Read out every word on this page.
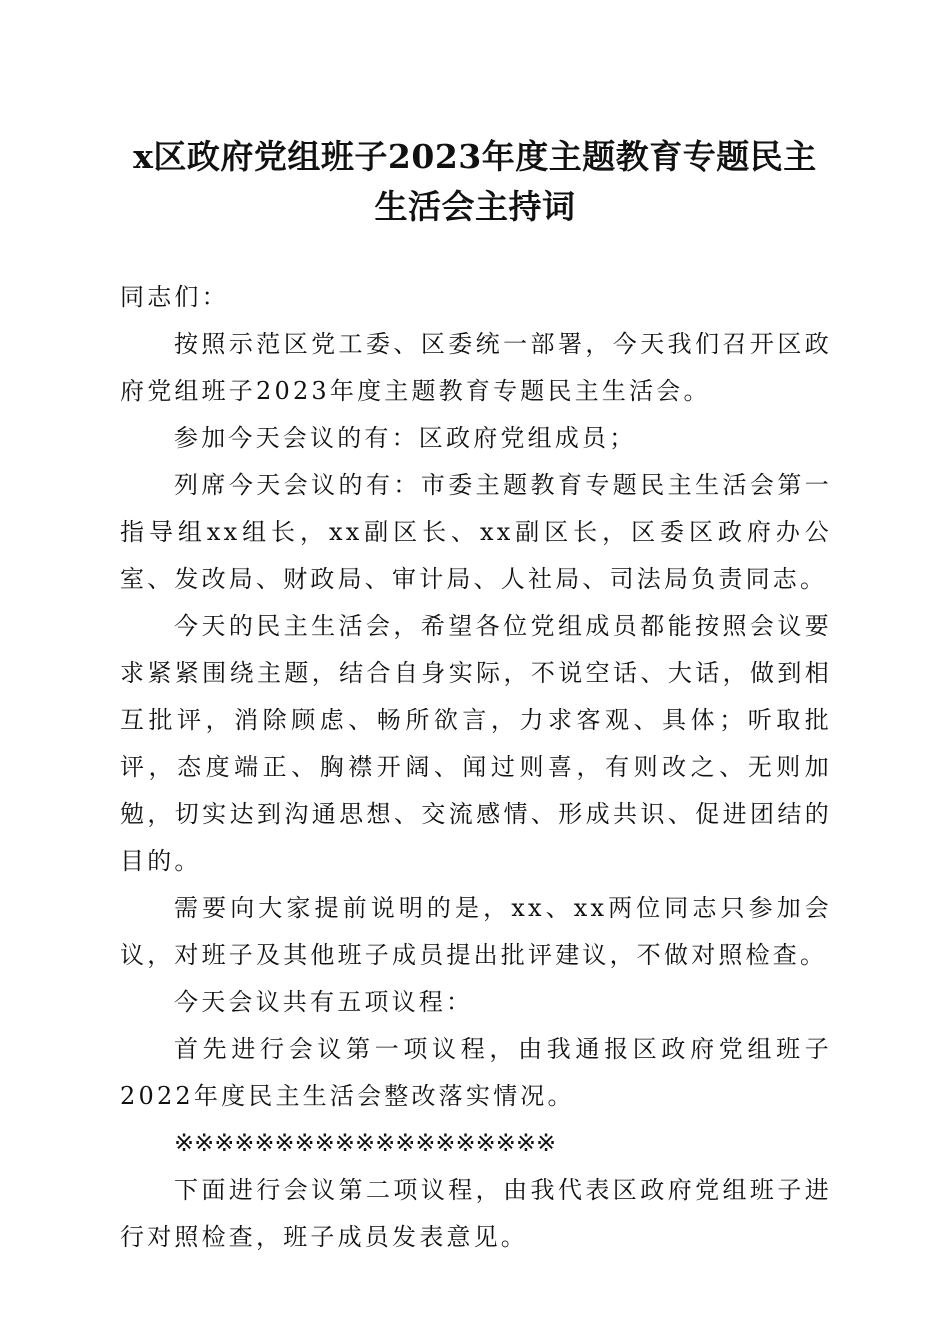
x区政府党组班子2023年度主题教育专题民主
生活会主持词

同志们：

按照示范区党工委、区委统一部署，今天我们召开区政府党组班子2023年度主题教育专题民主生活会。

参加今天会议的有：区政府党组成员；

列席今天会议的有：市委主题教育专题民主生活会第一指导组xx组长，xx副区长、xx副区长，区委区政府办公室、发改局、财政局、审计局、人社局、司法局负责同志。

今天的民主生活会，希望各位党组成员都能按照会议要求紧紧围绕主题，结合自身实际，不说空话、大话，做到相互批评，消除顾虑、畅所欲言，力求客观、具体；听取批评，态度端正、胸襟开阔、闻过则喜，有则改之、无则加勉，切实达到沟通思想、交流感情、形成共识、促进团结的目的。

需要向大家提前说明的是，xx、xx两位同志只参加会议，对班子及其他班子成员提出批评建议，不做对照检查。

今天会议共有五项议程：

首先进行会议第一项议程，由我通报区政府党组班子2022年度民主生活会整改落实情况。

※※※※※※※※※※※※※※※※※※※

下面进行会议第二项议程，由我代表区政府党组班子进行对照检查，班子成员发表意见。
